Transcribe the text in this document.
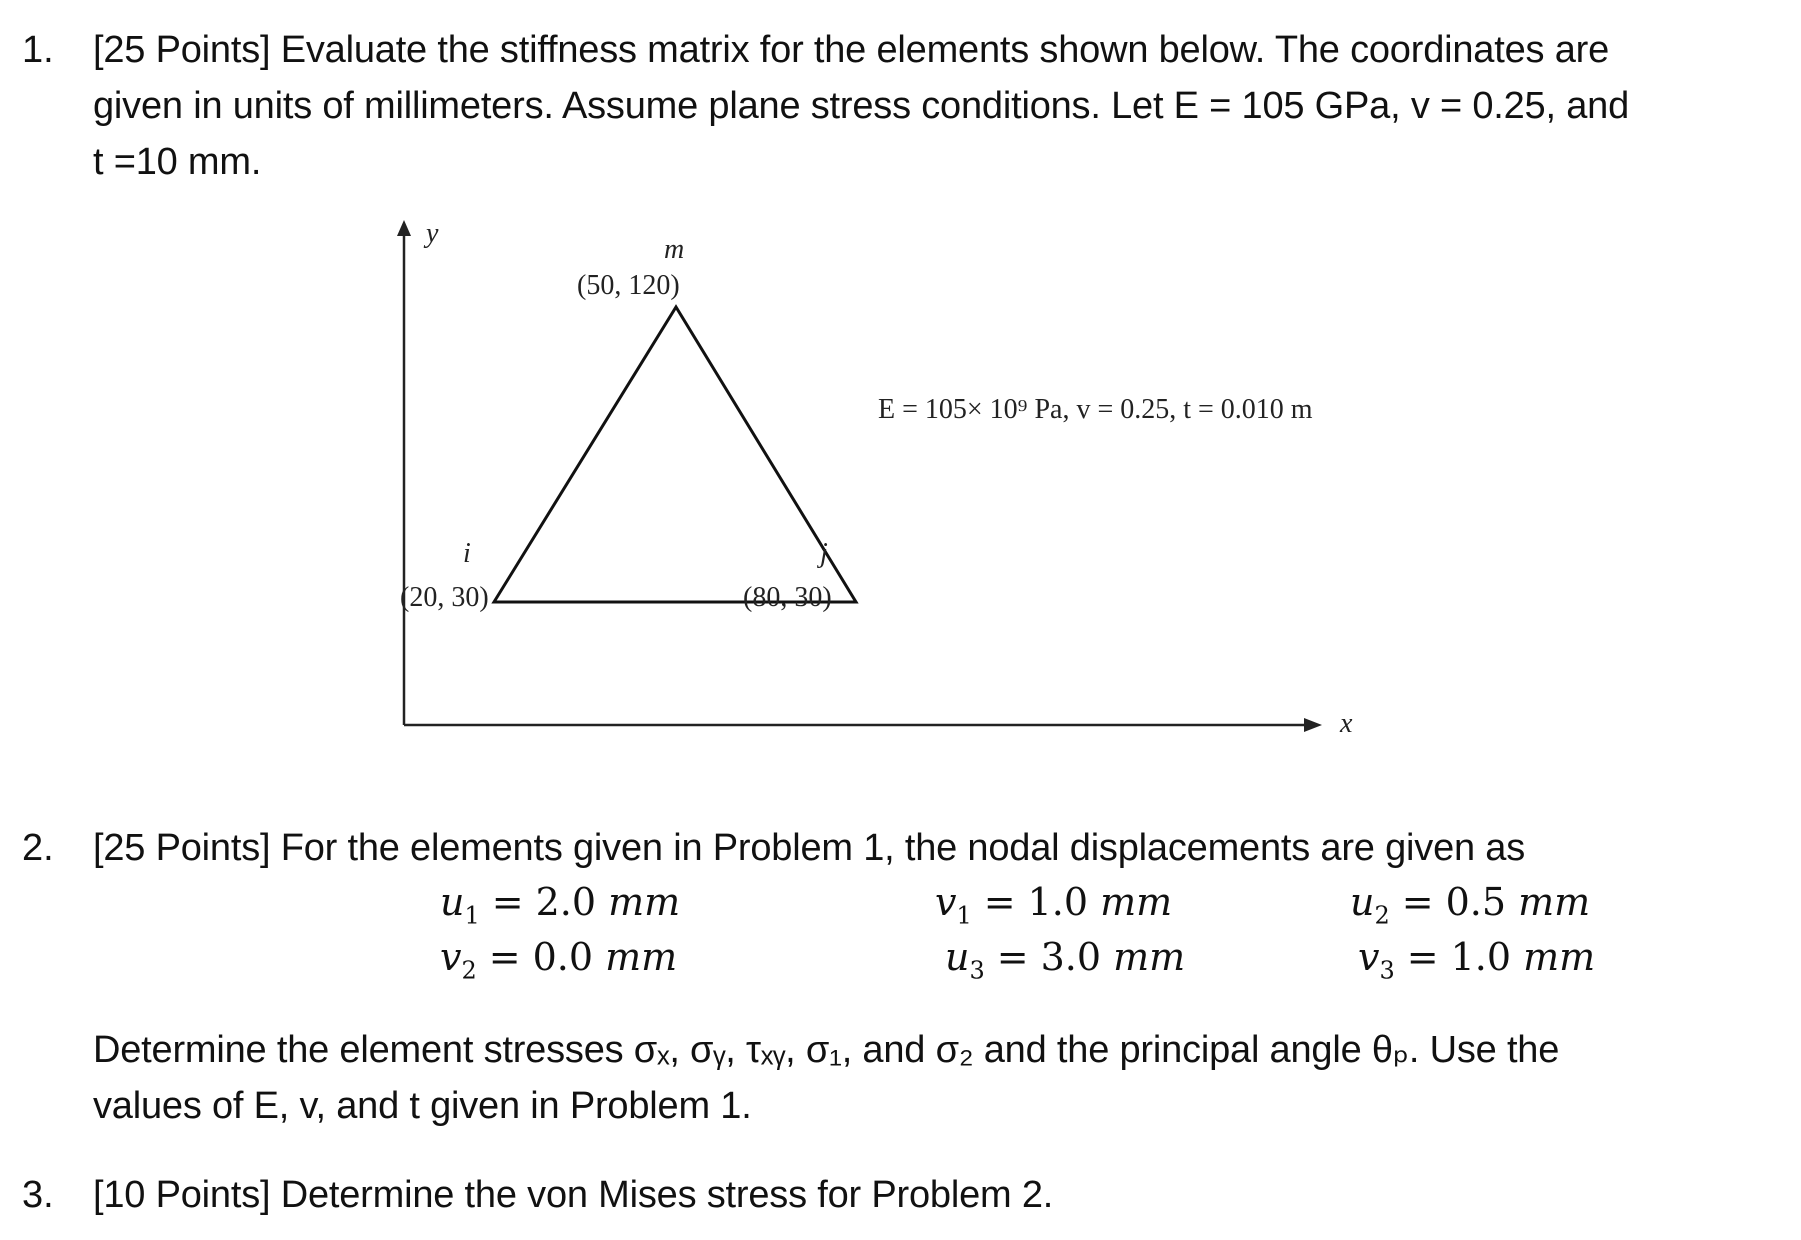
1. [25 Points] Evaluate the stiffness matrix for the elements shown below. The coordinates are
given in units of millimeters. Assume plane stress conditions. Let E = 105 GPa, v = 0.25, and
t =10 mm.
y
x
m
(50, 120)
i
(20, 30)
j
(80, 30)
E = 105× 10⁹ Pa, v = 0.25, t = 0.010 m
2. [25 Points] For the elements given in Problem 1, the nodal displacements are given as
$u_1 = 2.0$ mm	$v_1 = 1.0$ mm	$u_2 = 0.5$ mm
$v_2 = 0.0$ mm	$u_3 = 3.0$ mm	$v_3 = 1.0$ mm
Determine the element stresses σₓ, σᵧ, τₓᵧ, σ₁, and σ₂ and the principal angle θₚ. Use the
values of E, v, and t given in Problem 1.
3. [10 Points] Determine the von Mises stress for Problem 2.
